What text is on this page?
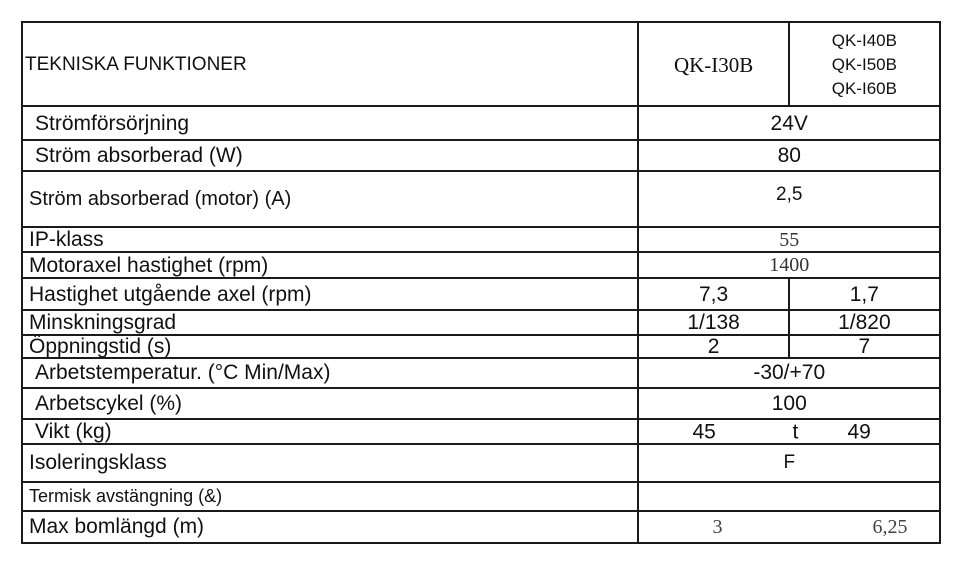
TEKNISKA FUNKTIONER	QK-I30B	QK-I40B
QK-I50B
QK-I60B

Strömförsörjning	24V	
Ström absorberad (W)	80	
Ström absorberad (motor) (A)	2,5	
IP-klass	55	
Motoraxel hastighet (rpm)	1400	
Hastighet utgående axel (rpm)	7,3	1,7
Minskningsgrad	1/138	1/820
Öppningstid (s)	2	7
Arbetstemperatur. (°C Min/Max)	-30/+70	
Arbetscykel (%)	100	
Vikt (kg)	45 t 49	

Isoleringsklass	F	
Termisk avstängning (&)		
Max bomlängd (m)	3 6,25	
